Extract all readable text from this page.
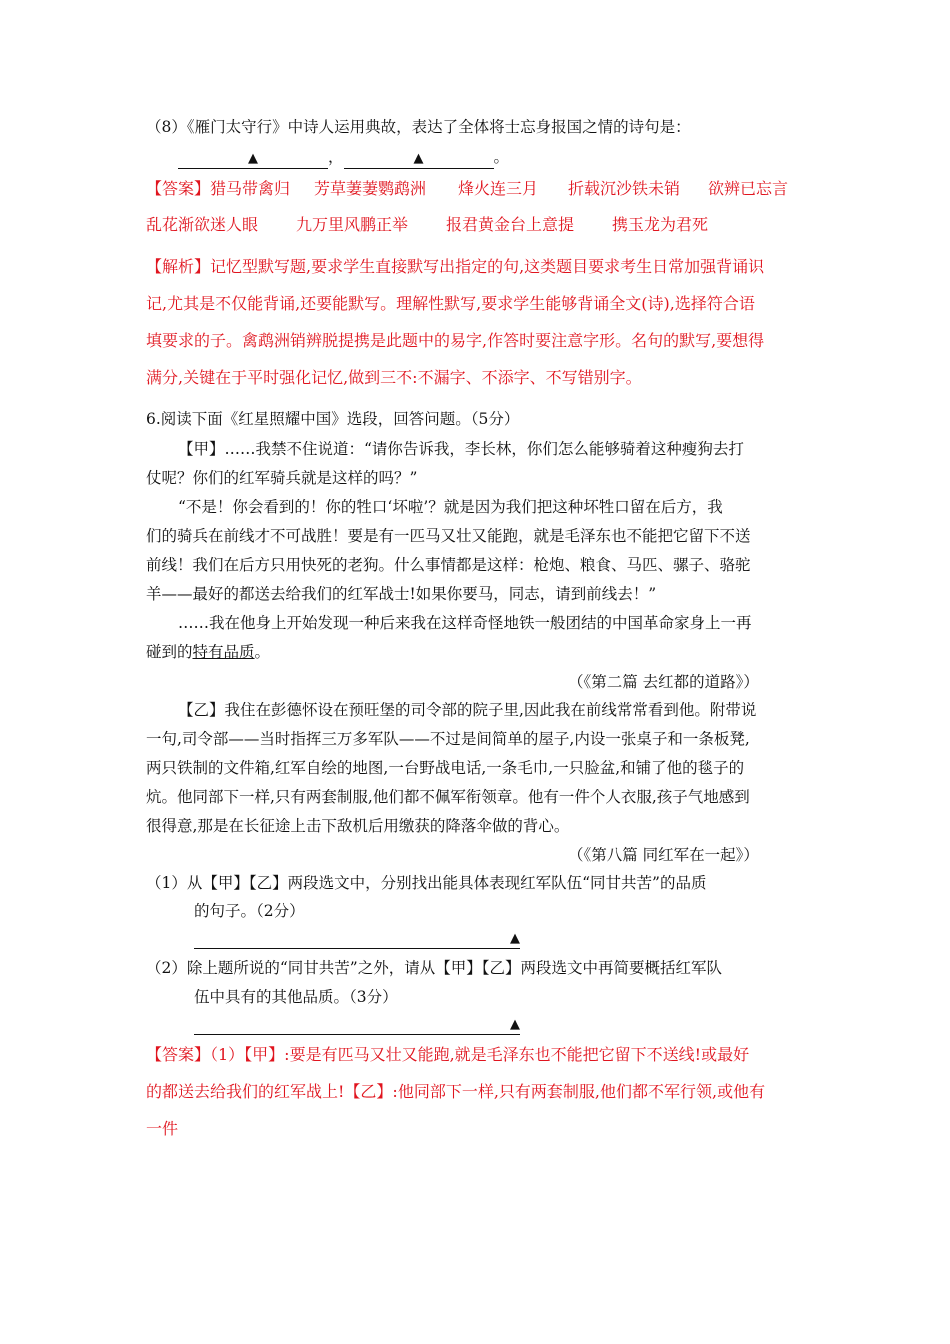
（8）《雁门太守行》中诗人运用典故，表达了全体将士忘身报国之情的诗句是：
▲	，	▲	。
【答案】猎马带禽归 芳草萋萋鹦鹉洲 烽火连三月 折载沉沙铁未销 欲辨已忘言
乱花渐欲迷人眼 九万里风鹏正举 报君黄金台上意提 携玉龙为君死
【解析】记忆型默写题,要求学生直接默写出指定的句,这类题目要求考生日常加强背诵识
记,尤其是不仅能背诵,还要能默写。理解性默写,要求学生能够背诵全文(诗),选择符合语
填要求的子。禽鹉洲销辨脱提携是此题中的易字,作答时要注意字形。名句的默写,要想得
满分,关键在于平时强化记忆,做到三不:不漏字、不添字、不写错别字。
6.阅读下面《红星照耀中国》选段，回答问题。（5分）
【甲】……我禁不住说道：“请你告诉我，李长林，你们怎么能够骑着这种瘦狗去打
仗呢？你们的红军骑兵就是这样的吗？”
“不是！你会看到的！你的牲口‘坏啦’？就是因为我们把这种坏牲口留在后方，我
们的骑兵在前线才不可战胜！要是有一匹马又壮又能跑，就是毛泽东也不能把它留下不送
前线！我们在后方只用快死的老狗。什么事情都是这样：枪炮、粮食、马匹、骡子、骆驼
羊——最好的都送去给我们的红军战士!如果你要马，同志，请到前线去！”
……我在他身上开始发现一种后来我在这样奇怪地铁一般团结的中国革命家身上一再
碰到的特有品质。
（《第二篇 去红都的道路》）
【乙】我住在彭德怀设在预旺堡的司令部的院子里,因此我在前线常常看到他。附带说
一句,司令部——当时指挥三万多军队——不过是间简单的屋子,内设一张桌子和一条板凳,
两只铁制的文件箱,红军自绘的地图,一台野战电话,一条毛巾,一只脸盆,和铺了他的毯子的
炕。他同部下一样,只有两套制服,他们都不佩军衔领章。他有一件个人衣服,孩子气地感到
很得意,那是在长征途上击下敌机后用缴获的降落伞做的背心。
（《第八篇 同红军在一起》）
（1）从【甲】【乙】两段选文中，分别找出能具体表现红军队伍“同甘共苦”的品质
的句子。（2分）
▲
（2）除上题所说的“同甘共苦”之外，请从【甲】【乙】两段选文中再简要概括红军队
伍中具有的其他品质。（3分）
▲
【答案】（1）【甲】:要是有匹马又壮又能跑,就是毛泽东也不能把它留下不送线!或最好
的都送去给我们的红军战上!【乙】:他同部下一样,只有两套制服,他们都不军行领,或他有
一件
